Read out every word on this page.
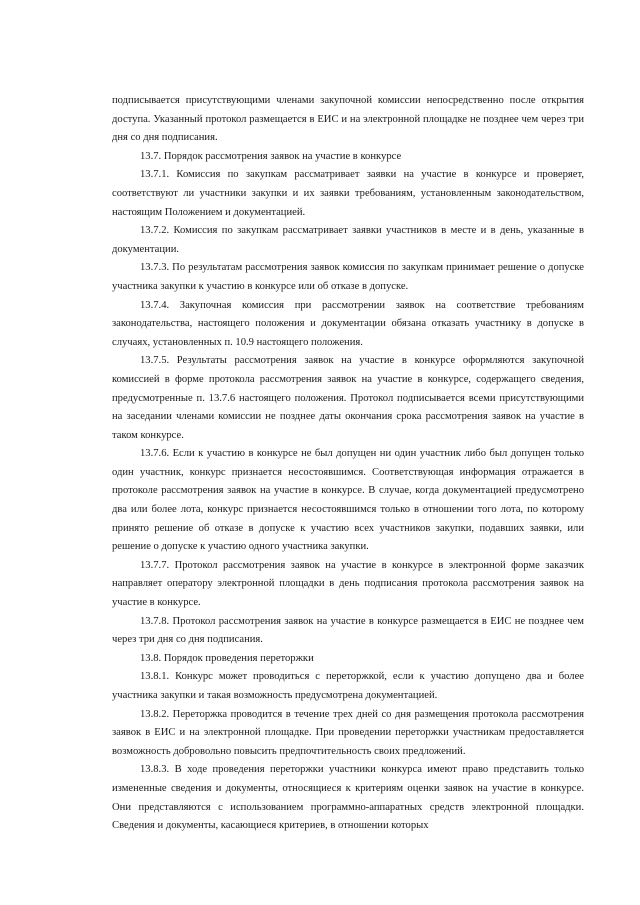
подписывается присутствующими членами закупочной комиссии непосредственно после открытия доступа. Указанный протокол размещается в ЕИС и на электронной площадке не позднее чем через три дня со дня подписания.

13.7. Порядок рассмотрения заявок на участие в конкурсе

13.7.1. Комиссия по закупкам рассматривает заявки на участие в конкурсе и проверяет, соответствуют ли участники закупки и их заявки требованиям, установленным законодательством, настоящим Положением и документацией.

13.7.2. Комиссия по закупкам рассматривает заявки участников в месте и в день, указанные в документации.

13.7.3. По результатам рассмотрения заявок комиссия по закупкам принимает решение о допуске участника закупки к участию в конкурсе или об отказе в допуске.

13.7.4. Закупочная комиссия при рассмотрении заявок на соответствие требованиям законодательства, настоящего положения и документации обязана отказать участнику в допуске в случаях, установленных п. 10.9 настоящего положения.

13.7.5. Результаты рассмотрения заявок на участие в конкурсе оформляются закупочной комиссией в форме протокола рассмотрения заявок на участие в конкурсе, содержащего сведения, предусмотренные п. 13.7.6 настоящего положения. Протокол подписывается всеми присутствующими на заседании членами комиссии не позднее даты окончания срока рассмотрения заявок на участие в таком конкурсе.

13.7.6. Если к участию в конкурсе не был допущен ни один участник либо был допущен только один участник, конкурс признается несостоявшимся. Соответствующая информация отражается в протоколе рассмотрения заявок на участие в конкурсе. В случае, когда документацией предусмотрено два или более лота, конкурс признается несостоявшимся только в отношении того лота, по которому принято решение об отказе в допуске к участию всех участников закупки, подавших заявки, или решение о допуске к участию одного участника закупки.

13.7.7. Протокол рассмотрения заявок на участие в конкурсе в электронной форме заказчик направляет оператору электронной площадки в день подписания протокола рассмотрения заявок на участие в конкурсе.

13.7.8. Протокол рассмотрения заявок на участие в конкурсе размещается в ЕИС не позднее чем через три дня со дня подписания.

13.8. Порядок проведения переторжки

13.8.1. Конкурс может проводиться с переторжкой, если к участию допущено два и более участника закупки и такая возможность предусмотрена документацией.

13.8.2. Переторжка проводится в течение трех дней со дня размещения протокола рассмотрения заявок в ЕИС и на электронной площадке. При проведении переторжки участникам предоставляется возможность добровольно повысить предпочтительность своих предложений.

13.8.3. В ходе проведения переторжки участники конкурса имеют право представить только измененные сведения и документы, относящиеся к критериям оценки заявок на участие в конкурсе. Они представляются с использованием программно-аппаратных средств электронной площадки. Сведения и документы, касающиеся критериев, в отношении которых
